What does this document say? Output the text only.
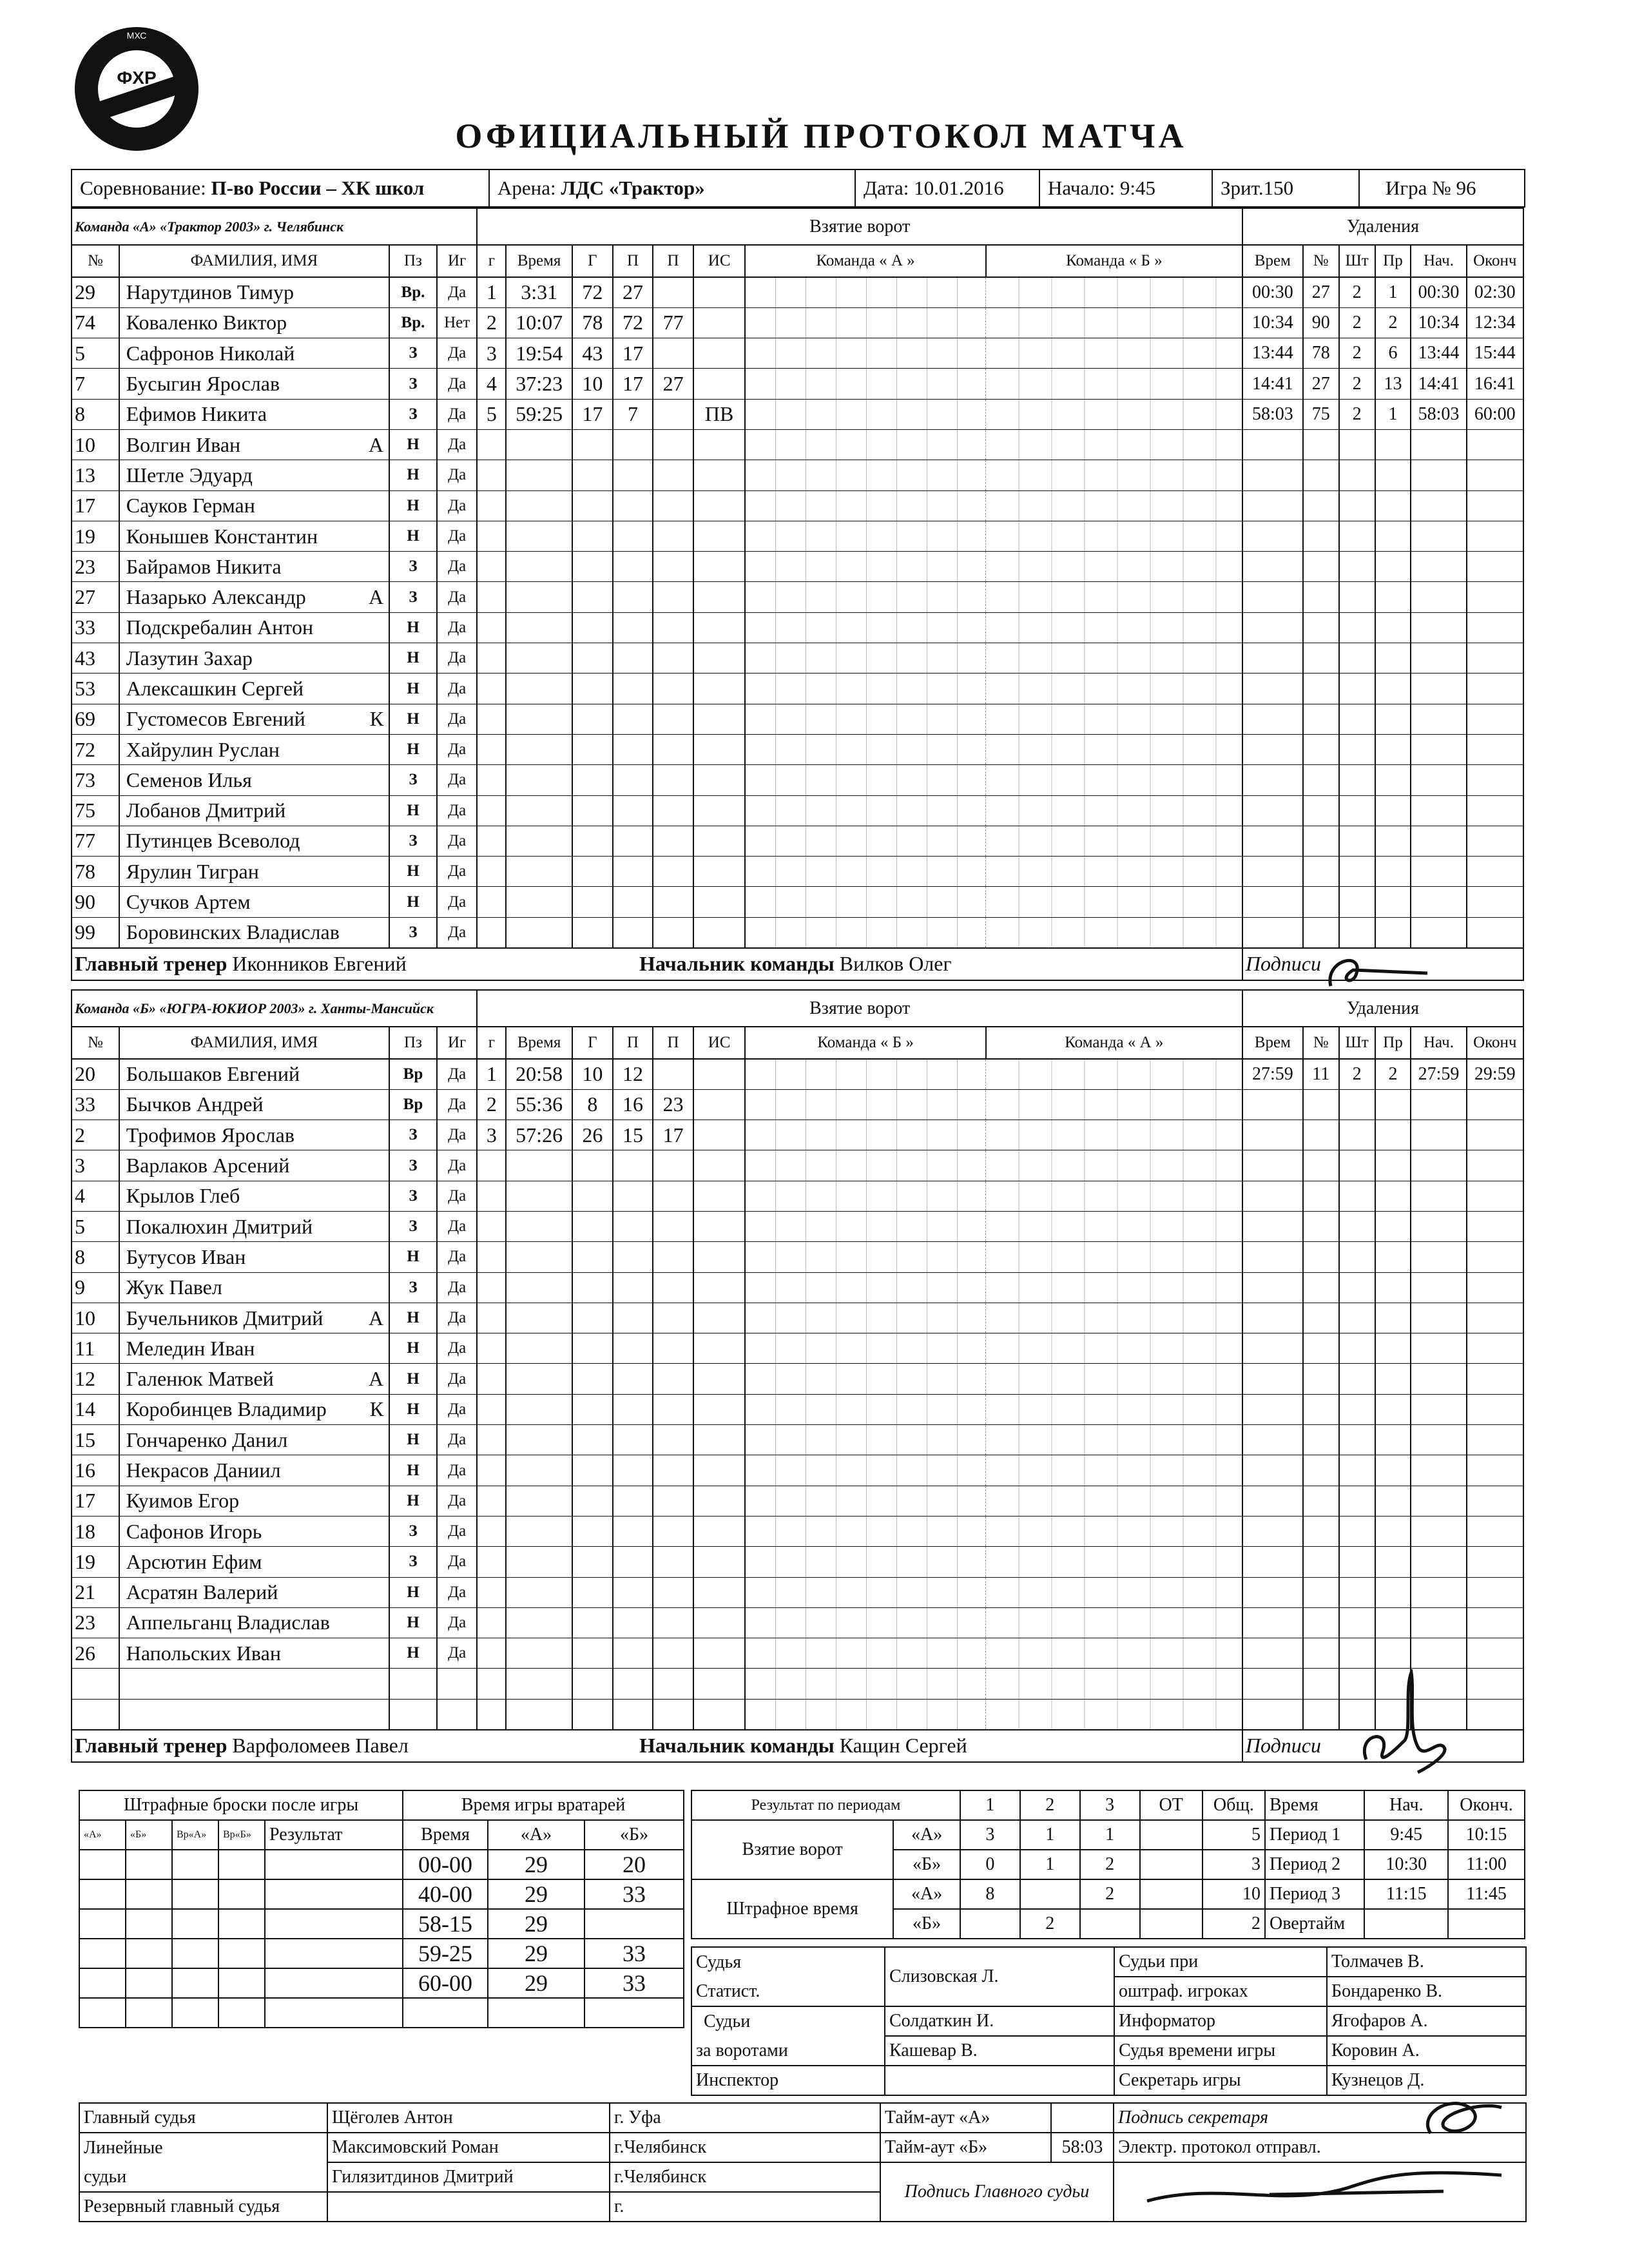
ФХР
МХС
ОФИЦИАЛЬНЫЙ ПРОТОКОЛ МАТЧА
Соревнование: П-во России – ХК школ	Арена: ЛДС «Трактор»	Дата: 10.01.2016	Начало: 9:45	Зрит.150	Игра № 96
Команда «А» «Трактор 2003» г. Челябинск				Взятие ворот								Удаления					
№	ФАМИЛИЯ, ИМЯ	Пз	Иг	г	Время	Г	П	П	ИС	Команда « А »	Команда « Б »	Врем	№	Шт	Пр	Нач.	Оконч
29	Нарутдинов Тимур	Вр.	Да	1	3:31	72	27					00:30	27	2	1	00:30	02:30
74	Коваленко Виктор	Вр.	Нет	2	10:07	78	72	77				10:34	90	2	2	10:34	12:34
5	Сафронов Николай	З	Да	3	19:54	43	17					13:44	78	2	6	13:44	15:44
7	Бусыгин Ярослав	З	Да	4	37:23	10	17	27				14:41	27	2	13	14:41	16:41
8	Ефимов Никита	З	Да	5	59:25	17	7		ПВ			58:03	75	2	1	58:03	60:00
10	Волгин Иван А	Н	Да														
13	Шетле Эдуард	Н	Да														
17	Сауков Герман	Н	Да														
19	Конышев Константин	Н	Да														
23	Байрамов Никита	З	Да														
27	Назарько Александр А	З	Да														
33	Подскребалин Антон	Н	Да														
43	Лазутин Захар	Н	Да														
53	Алексашкин Сергей	Н	Да														
69	Густомесов Евгений К	Н	Да														
72	Хайрулин Руслан	Н	Да														
73	Семенов Илья	З	Да														
75	Лобанов Дмитрий	Н	Да														
77	Путинцев Всеволод	З	Да														
78	Ярулин Тигран	Н	Да														
90	Сучков Артем	Н	Да														
99	Боровинских Владислав	З	Да														
Главный тренер Иконников Евгений Начальник команды Вилков Олег												Подписи					
Команда «Б» «ЮГРА-ЮКИОР 2003» г. Ханты-Мансийск				Взятие ворот								Удаления					
№	ФАМИЛИЯ, ИМЯ	Пз	Иг	г	Время	Г	П	П	ИС	Команда « Б »	Команда « А »	Врем	№	Шт	Пр	Нач.	Оконч
20	Большаков Евгений	Вр	Да	1	20:58	10	12					27:59	11	2	2	27:59	29:59
33	Бычков Андрей	Вр	Да	2	55:36	8	16	23									
2	Трофимов Ярослав	З	Да	3	57:26	26	15	17									
3	Варлаков Арсений	З	Да														
4	Крылов Глеб	З	Да														
5	Покалюхин Дмитрий	З	Да														
8	Бутусов Иван	Н	Да														
9	Жук Павел	З	Да														
10	Бучельников Дмитрий А	Н	Да														
11	Меледин Иван	Н	Да														
12	Галенюк Матвей А	Н	Да														
14	Коробинцев Владимир К	Н	Да														
15	Гончаренко Данил	Н	Да														
16	Некрасов Даниил	Н	Да														
17	Куимов Егор	Н	Да														
18	Сафонов Игорь	З	Да														
19	Арсютин Ефим	З	Да														
21	Асратян Валерий	Н	Да														
23	Аппельганц Владислав	Н	Да														
26	Напольских Иван	Н	Да														

Главный тренер Варфоломеев Павел Начальник команды Кащин Сергей												Подписи					
Штрафные броски после игры					Время игры вратарей		
«А»	«Б»	Вр«А»	Вр«Б»	Результат	Время	«А»	«Б»
					00-00	29	20
					40-00	29	33
					58-15	29	
					59-25	29	33
					60-00	29	33

Результат по периодам		1	2	3	ОТ	Общ.	Время	Нач.	Оконч.
Взятие ворот	«А»	3	1	1		5	Период 1	9:45	10:15
	«Б»	0	1	2		3	Период 2	10:30	11:00
Штрафное время	«А»	8		2		10	Период 3	11:15	11:45
	«Б»		2			2	Овертайм		
Судья	Слизовская Л.	Судьи при	Толмачев В.
Статист.		оштраф. игроках	Бондаренко В.
Судьи	Солдаткин И.	Информатор	Ягофаров А.
за воротами	Кашевар В.	Судья времени игры	Коровин А.
Инспектор		Секретарь игры	Кузнецов Д.
Главный судья	Щёголев Антон	г. Уфа	Тайм-аут «А»		Подпись секретаря
Линейные	Максимовский Роман	г.Челябинск	Тайм-аут «Б»	58:03	Электр. протокол отправл.
судьи	Гилязитдинов Дмитрий	г.Челябинск	Подпись Главного судьи		
Резервный главный судья		г.			
